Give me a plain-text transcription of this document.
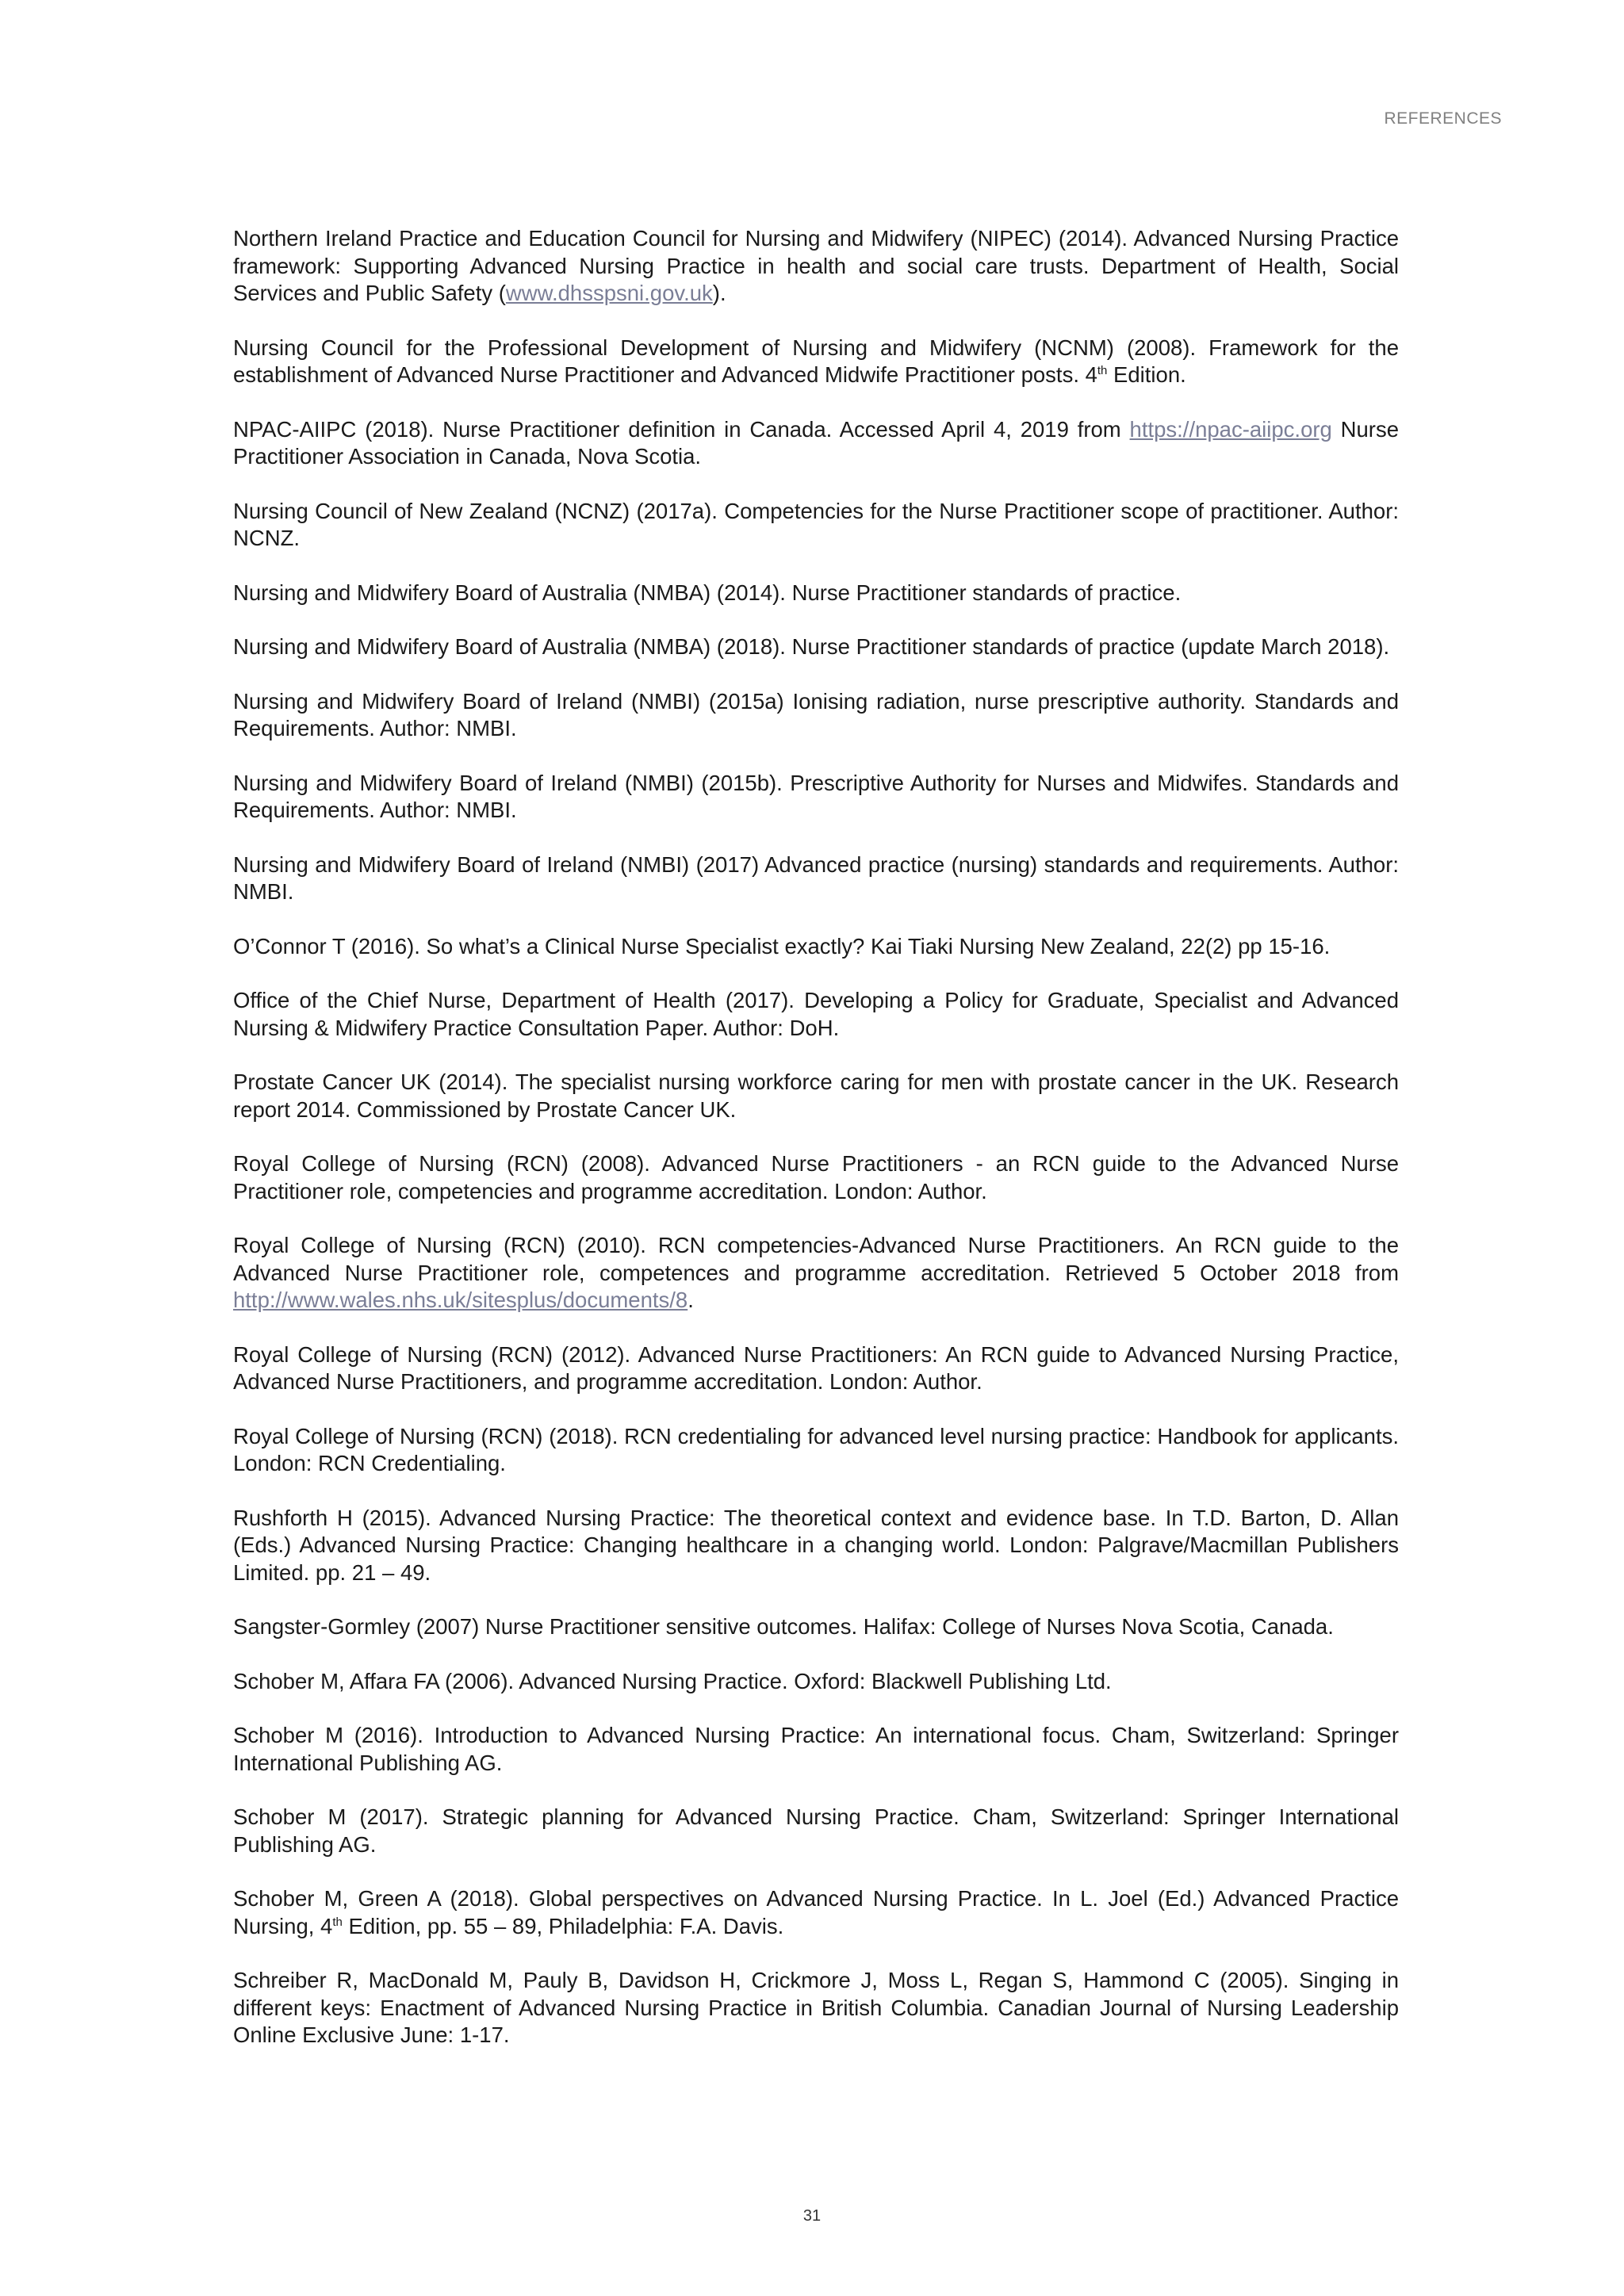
REFERENCES

Northern Ireland Practice and Education Council for Nursing and Midwifery (NIPEC) (2014). Advanced Nursing Practice framework: Supporting Advanced Nursing Practice in health and social care trusts. Department of Health, Social Services and Public Safety (www.dhsspsni.gov.uk).

Nursing Council for the Professional Development of Nursing and Midwifery (NCNM) (2008). Framework for the establishment of Advanced Nurse Practitioner and Advanced Midwife Practitioner posts. 4th Edition.

NPAC-AIIPC (2018). Nurse Practitioner definition in Canada. Accessed April 4, 2019 from https://npac-aiipc.org Nurse Practitioner Association in Canada, Nova Scotia.

Nursing Council of New Zealand (NCNZ) (2017a). Competencies for the Nurse Practitioner scope of practitioner. Author: NCNZ.

Nursing and Midwifery Board of Australia (NMBA) (2014). Nurse Practitioner standards of practice.

Nursing and Midwifery Board of Australia (NMBA) (2018). Nurse Practitioner standards of practice (update March 2018).

Nursing and Midwifery Board of Ireland (NMBI) (2015a) Ionising radiation, nurse prescriptive authority. Standards and Requirements. Author: NMBI.

Nursing and Midwifery Board of Ireland (NMBI) (2015b). Prescriptive Authority for Nurses and Midwifes. Standards and Requirements. Author: NMBI.

Nursing and Midwifery Board of Ireland (NMBI) (2017) Advanced practice (nursing) standards and requirements. Author: NMBI.

O’Connor T (2016). So what’s a Clinical Nurse Specialist exactly? Kai Tiaki Nursing New Zealand, 22(2) pp 15-16.

Office of the Chief Nurse, Department of Health (2017). Developing a Policy for Graduate, Specialist and Advanced Nursing & Midwifery Practice Consultation Paper. Author: DoH.

Prostate Cancer UK (2014). The specialist nursing workforce caring for men with prostate cancer in the UK. Research report 2014. Commissioned by Prostate Cancer UK.

Royal College of Nursing (RCN) (2008). Advanced Nurse Practitioners - an RCN guide to the Advanced Nurse Practitioner role, competencies and programme accreditation. London: Author.

Royal College of Nursing (RCN) (2010). RCN competencies-Advanced Nurse Practitioners. An RCN guide to the Advanced Nurse Practitioner role, competences and programme accreditation. Retrieved 5 October 2018 from http://www.wales.nhs.uk/sitesplus/documents/8.

Royal College of Nursing (RCN) (2012). Advanced Nurse Practitioners: An RCN guide to Advanced Nursing Practice, Advanced Nurse Practitioners, and programme accreditation. London: Author.

Royal College of Nursing (RCN) (2018). RCN credentialing for advanced level nursing practice: Handbook for applicants. London: RCN Credentialing.

Rushforth H (2015). Advanced Nursing Practice: The theoretical context and evidence base. In T.D. Barton, D. Allan (Eds.) Advanced Nursing Practice: Changing healthcare in a changing world. London: Palgrave/Macmillan Publishers Limited. pp. 21 – 49.

Sangster-Gormley (2007) Nurse Practitioner sensitive outcomes. Halifax: College of Nurses Nova Scotia, Canada.

Schober M, Affara FA (2006). Advanced Nursing Practice. Oxford: Blackwell Publishing Ltd.

Schober M (2016). Introduction to Advanced Nursing Practice: An international focus. Cham, Switzerland: Springer International Publishing AG.

Schober M (2017). Strategic planning for Advanced Nursing Practice. Cham, Switzerland: Springer International Publishing AG.

Schober M, Green A (2018). Global perspectives on Advanced Nursing Practice. In L. Joel (Ed.) Advanced Practice Nursing, 4th Edition, pp. 55 – 89, Philadelphia: F.A. Davis.

Schreiber R, MacDonald M, Pauly B, Davidson H, Crickmore J, Moss L, Regan S, Hammond C (2005). Singing in different keys: Enactment of Advanced Nursing Practice in British Columbia. Canadian Journal of Nursing Leadership Online Exclusive June: 1-17.

31
